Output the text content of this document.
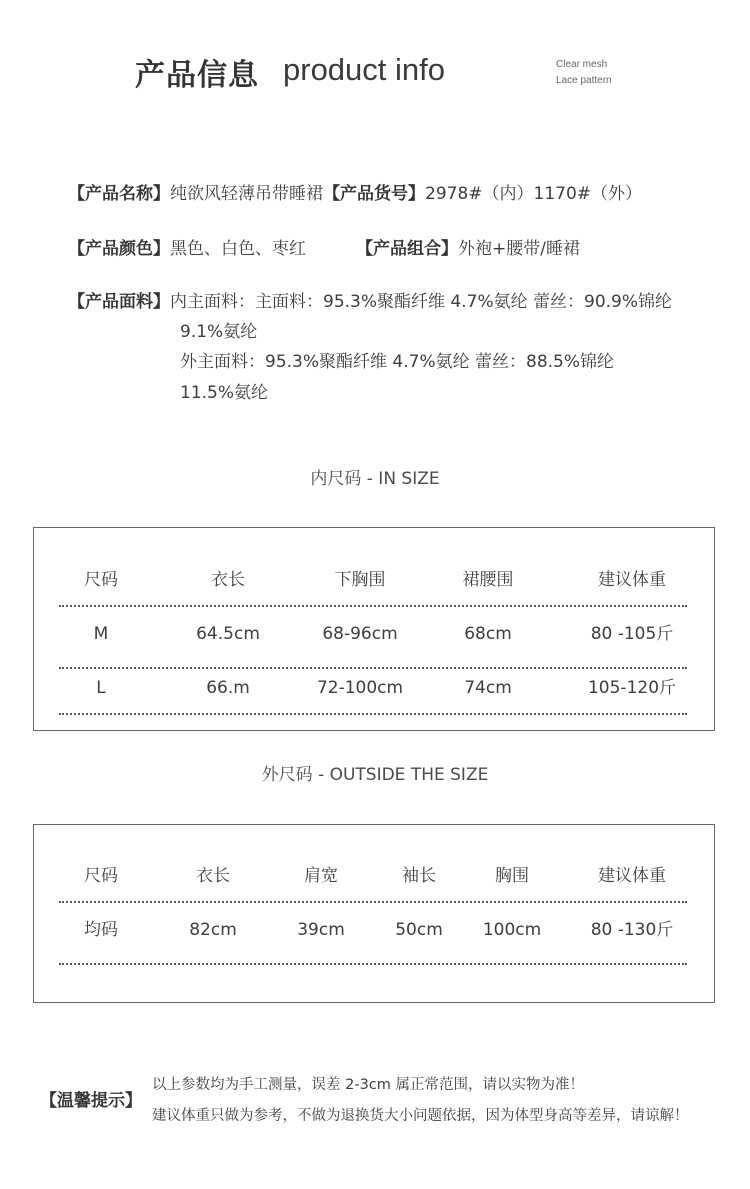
产品信息 product info	Clear mesh
Lace pattern
【产品名称】纯欲风轻薄吊带睡裙【产品货号】2978#（内）1170#（外）
【产品颜色】黑色、白色、枣红	【产品组合】外袍+腰带/睡裙
【产品面料】内主面料：主面料：95.3%聚酯纤维 4.7%氨纶 蕾丝：90.9%锦纶
9.1%氨纶
外主面料：95.3%聚酯纤维 4.7%氨纶 蕾丝：88.5%锦纶
11.5%氨纶
内尺码 - IN SIZE
尺码	衣长	下胸围	裙腰围	建议体重
M	64.5cm	68-96cm	68cm	80 -105斤
L	66.m	72-100cm	74cm	105-120斤
外尺码 - OUTSIDE THE SIZE
尺码	衣长	肩宽	袖长	胸围	建议体重
均码	82cm	39cm	50cm 100cm	80 -130斤
【温馨提示】
以上参数均为手工测量，误差 2-3cm 属正常范围，请以实物为准！
建议体重只做为参考，不做为退换货大小问题依据，因为体型身高等差异，请谅解！
